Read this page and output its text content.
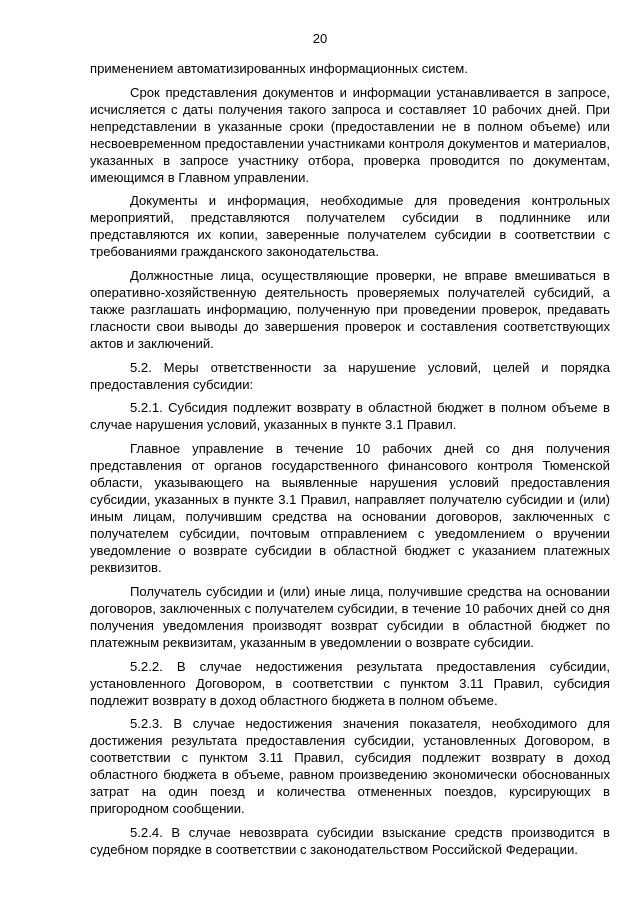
20

применением автоматизированных информационных систем.

Срок представления документов и информации устанавливается в запросе, исчисляется с даты получения такого запроса и составляет 10 рабочих дней. При непредставлении в указанные сроки (предоставлении не в полном объеме) или несвоевременном предоставлении участниками контроля документов и материалов, указанных в запросе участнику отбора, проверка проводится по документам, имеющимся в Главном управлении.

Документы и информация, необходимые для проведения контрольных мероприятий, представляются получателем субсидии в подлиннике или представляются их копии, заверенные получателем субсидии в соответствии с требованиями гражданского законодательства.

Должностные лица, осуществляющие проверки, не вправе вмешиваться в оперативно-хозяйственную деятельность проверяемых получателей субсидий, а также разглашать информацию, полученную при проведении проверок, предавать гласности свои выводы до завершения проверок и составления соответствующих актов и заключений.

5.2. Меры ответственности за нарушение условий, целей и порядка предоставления субсидии:

5.2.1. Субсидия подлежит возврату в областной бюджет в полном объеме в случае нарушения условий, указанных в пункте 3.1 Правил.

Главное управление в течение 10 рабочих дней со дня получения представления от органов государственного финансового контроля Тюменской области, указывающего на выявленные нарушения условий предоставления субсидии, указанных в пункте 3.1 Правил, направляет получателю субсидии и (или) иным лицам, получившим средства на основании договоров, заключенных с получателем субсидии, почтовым отправлением с уведомлением о вручении уведомление о возврате субсидии в областной бюджет с указанием платежных реквизитов.

Получатель субсидии и (или) иные лица, получившие средства на основании договоров, заключенных с получателем субсидии, в течение 10 рабочих дней со дня получения уведомления производят возврат субсидии в областной бюджет по платежным реквизитам, указанным в уведомлении о возврате субсидии.

5.2.2. В случае недостижения результата предоставления субсидии, установленного Договором, в соответствии с пунктом 3.11 Правил, субсидия подлежит возврату в доход областного бюджета в полном объеме.

5.2.3. В случае недостижения значения показателя, необходимого для достижения результата предоставления субсидии, установленных Договором, в соответствии с пунктом 3.11 Правил, субсидия подлежит возврату в доход областного бюджета в объеме, равном произведению экономически обоснованных затрат на один поезд и количества отмененных поездов, курсирующих в пригородном сообщении.

5.2.4. В случае невозврата субсидии взыскание средств производится в судебном порядке в соответствии с законодательством Российской Федерации.
